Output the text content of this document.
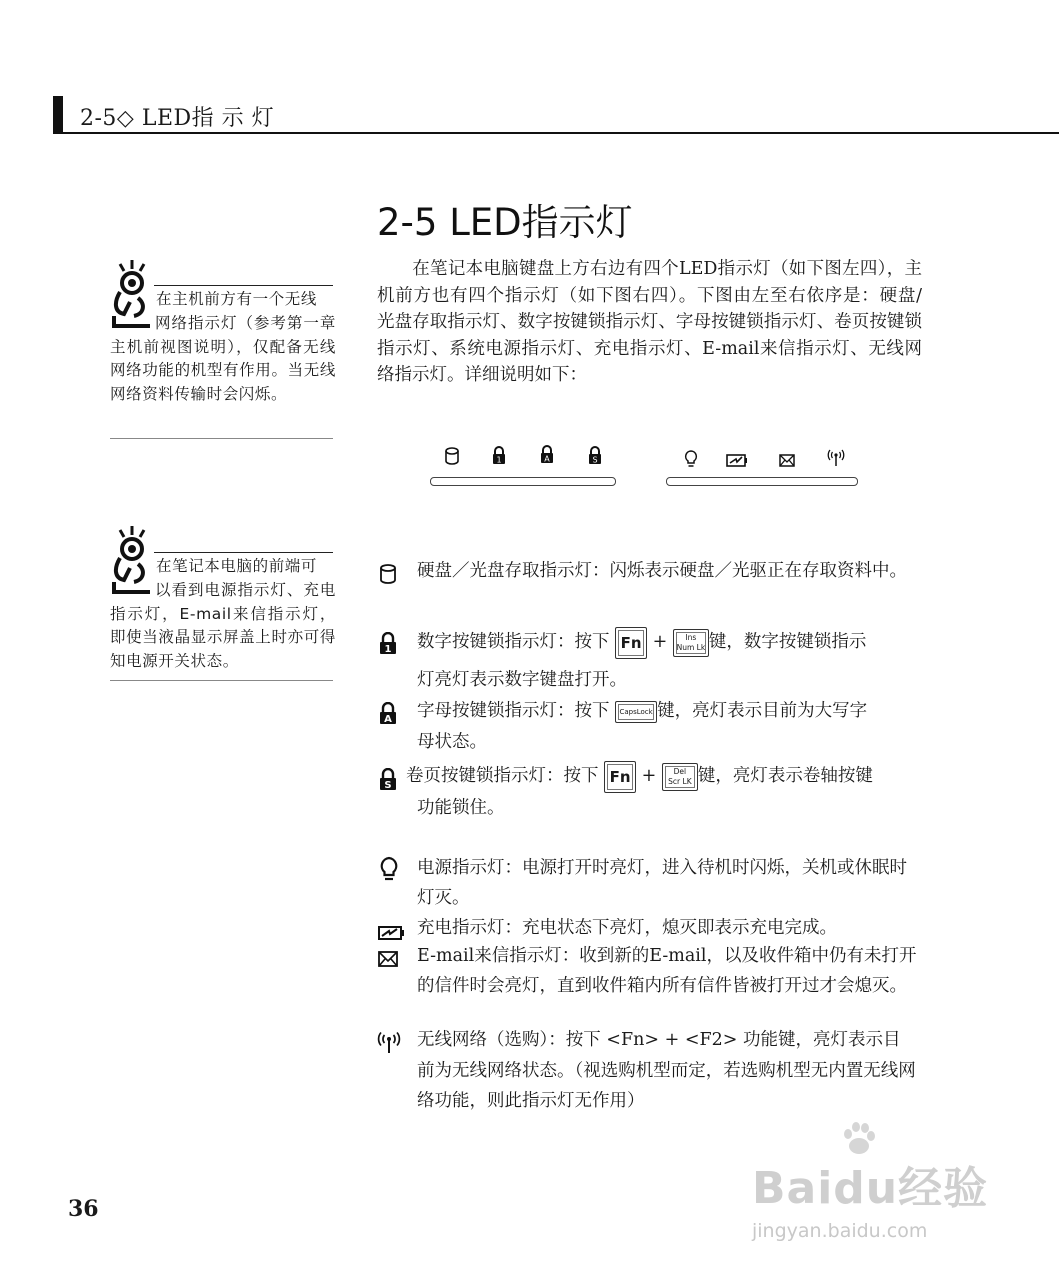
2-5◇ LED指 示 灯
2-5 LED指示灯
在笔记本电脑键盘上方右边有四个LED指示灯（如下图左四），主机前方也有四个指示灯（如下图右四）。下图由左至右依序是：硬盘/ 光盘存取指示灯、数字按键锁指示灯、字母按键锁指示灯、卷页按键锁指示灯、系统电源指示灯、充电指示灯、E-mail来信指示灯、无线网络指示灯。详细说明如下：
在主机前方有一个无线
网络指示灯（参考第一章主机前视图说明），仅配备无线网络功能的机型有作用。当无线网络资料传输时会闪烁。
在笔记本电脑的前端可
以看到电源指示灯、充电指示灯，E-mail来信指示灯，即使当液晶显示屏盖上时亦可得知电源开关状态。
1	A	S
硬盘／光盘存取指示灯：闪烁表示硬盘／光驱正在存取资料中。
1 数字按键锁指示灯：按下 Fn + Ins
Num Lk 键，数字按键锁指示
灯亮灯表示数字键盘打开。
A 字母按键锁指示灯：按下 CapsLock 键，亮灯表示目前为大写字
母状态。
S 卷页按键锁指示灯：按下 Fn + Del
Scr LK 键，亮灯表示卷轴按键
功能锁住。
电源指示灯：电源打开时亮灯，进入待机时闪烁，关机或休眠时灯灭。
充电指示灯：充电状态下亮灯，熄灭即表示充电完成。
E-mail来信指示灯：收到新的E-mail，以及收件箱中仍有未打开的信件时会亮灯，直到收件箱内所有信件皆被打开过才会熄灭。
无线网络（选购）：按下 <Fn> + <F2> 功能键，亮灯表示目
前为无线网络状态。（视选购机型而定，若选购机型无内置无线网络功能，则此指示灯无作用）
36	Baidu经验
jingyan.baidu.com
